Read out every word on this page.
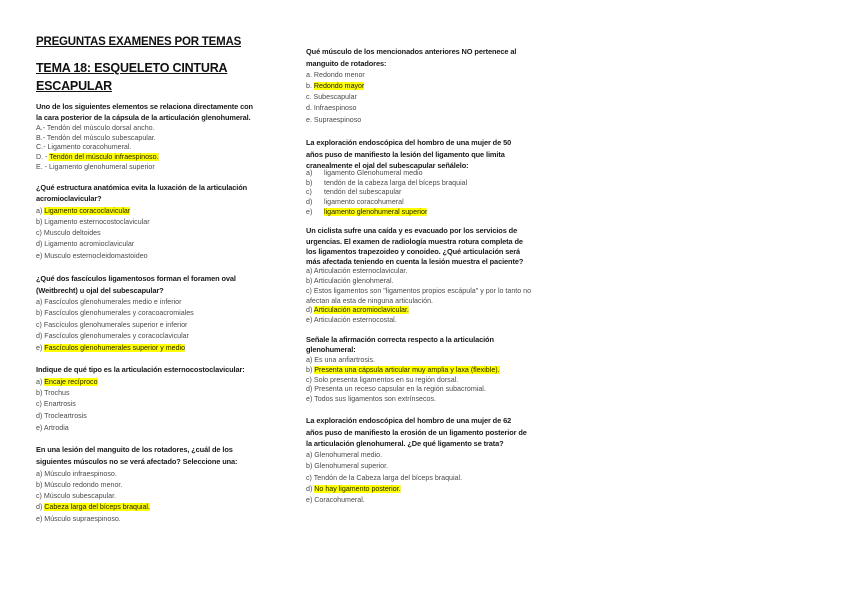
PREGUNTAS EXAMENES POR TEMAS
TEMA 18: ESQUELETO CINTURA
ESCAPULAR
Uno de los siguientes elementos se relaciona directamente con
la cara posterior de la cápsula de la articulación glenohumeral.
A.- Tendón del músculo dorsal ancho.
B.- Tendón del músculo subescapular.
C.- Ligamento coracohumeral.
D. - Tendón del músculo infraespinoso.
E. - Ligamento glenohumeral superior
¿Qué estructura anatómica evita la luxación de la articulación
acromioclavicular?
a) Ligamento coracoclavicular
b) Ligamento esternocostoclavicular
c) Musculo deltoides
d) Ligamento acromioclavicular
e) Musculo esternocleidomastoideo
¿Qué dos fascículos ligamentosos forman el foramen oval
(Weitbrecht) u ojal del subescapular?
a) Fascículos glenohumerales medio e inferior
b) Fascículos glenohumerales y coracoacromiales
c) Fascículos glenohumerales superior e inferior
d) Fascículos glenohumerales y coracoclavicular
e) Fascículos glenohumerales superior y medio
Indique de qué tipo es la articulación esternocostoclavicular:
a) Encaje recíproco
b) Trochus
c) Enartrosis
d) Trocleartrosis
e) Artrodia
En una lesión del manguito de los rotadores, ¿cuál de los
siguientes músculos no se verá afectado? Seleccione una:
a) Músculo infraespinoso.
b) Músculo redondo menor.
c) Músculo subescapular.
d) Cabeza larga del bíceps braquial.
e) Músculo supraespinoso.
Qué músculo de los mencionados anteriores NO pertenece al
manguito de rotadores:
a. Redondo menor
b. Redondo mayor
c. Subescapular
d. Infraespinoso
e. Supraespinoso
La exploración endoscópica del hombro de una mujer de 50
años puso de manifiesto la lesión del ligamento que limita
cranealmente el ojal del subescapular señálelo:
a) ligamento Glenohumeral medio
b) tendón de la cabeza larga del bíceps braquial
c) tendón del subescapular
d) ligamento coracohumeral
e) ligamento glenohumeral superior
Un ciclista sufre una caída y es evacuado por los servicios de
urgencias. El examen de radiología muestra rotura completa de
los ligamentos trapezoideo y conoideo. ¿Qué articulación será
más afectada teniendo en cuenta la lesión muestra el paciente?
a) Articulación esternoclavicular.
b) Articulación glenohmeral.
c) Estos ligamentos son "ligamentos propios escápula" y por lo tanto no afectan ala esta de ninguna articulación.
d) Articulación acromioclavicular.
e) Articulación esternocostal.
Señale la afirmación correcta respecto a la articulación
glenohumeral:
a) Es una anfiartrosis.
b) Presenta una cápsula articular muy amplia y laxa (flexible).
c) Solo presenta ligamentos en su región dorsal.
d) Presenta un receso capsular en la región subacromial.
e) Todos sus ligamentos son extrínsecos.
La exploración endoscópica del hombro de una mujer de 62
años puso de manifiesto la erosión de un ligamento posterior de
la articulación glenohumeral. ¿De qué ligamento se trata?
a) Glenohumeral medio.
b) Glenohumeral superior.
c) Tendón de la Cabeza larga del bíceps braquial.
d) No hay ligamento posterior.
e) Coracohumeral.
